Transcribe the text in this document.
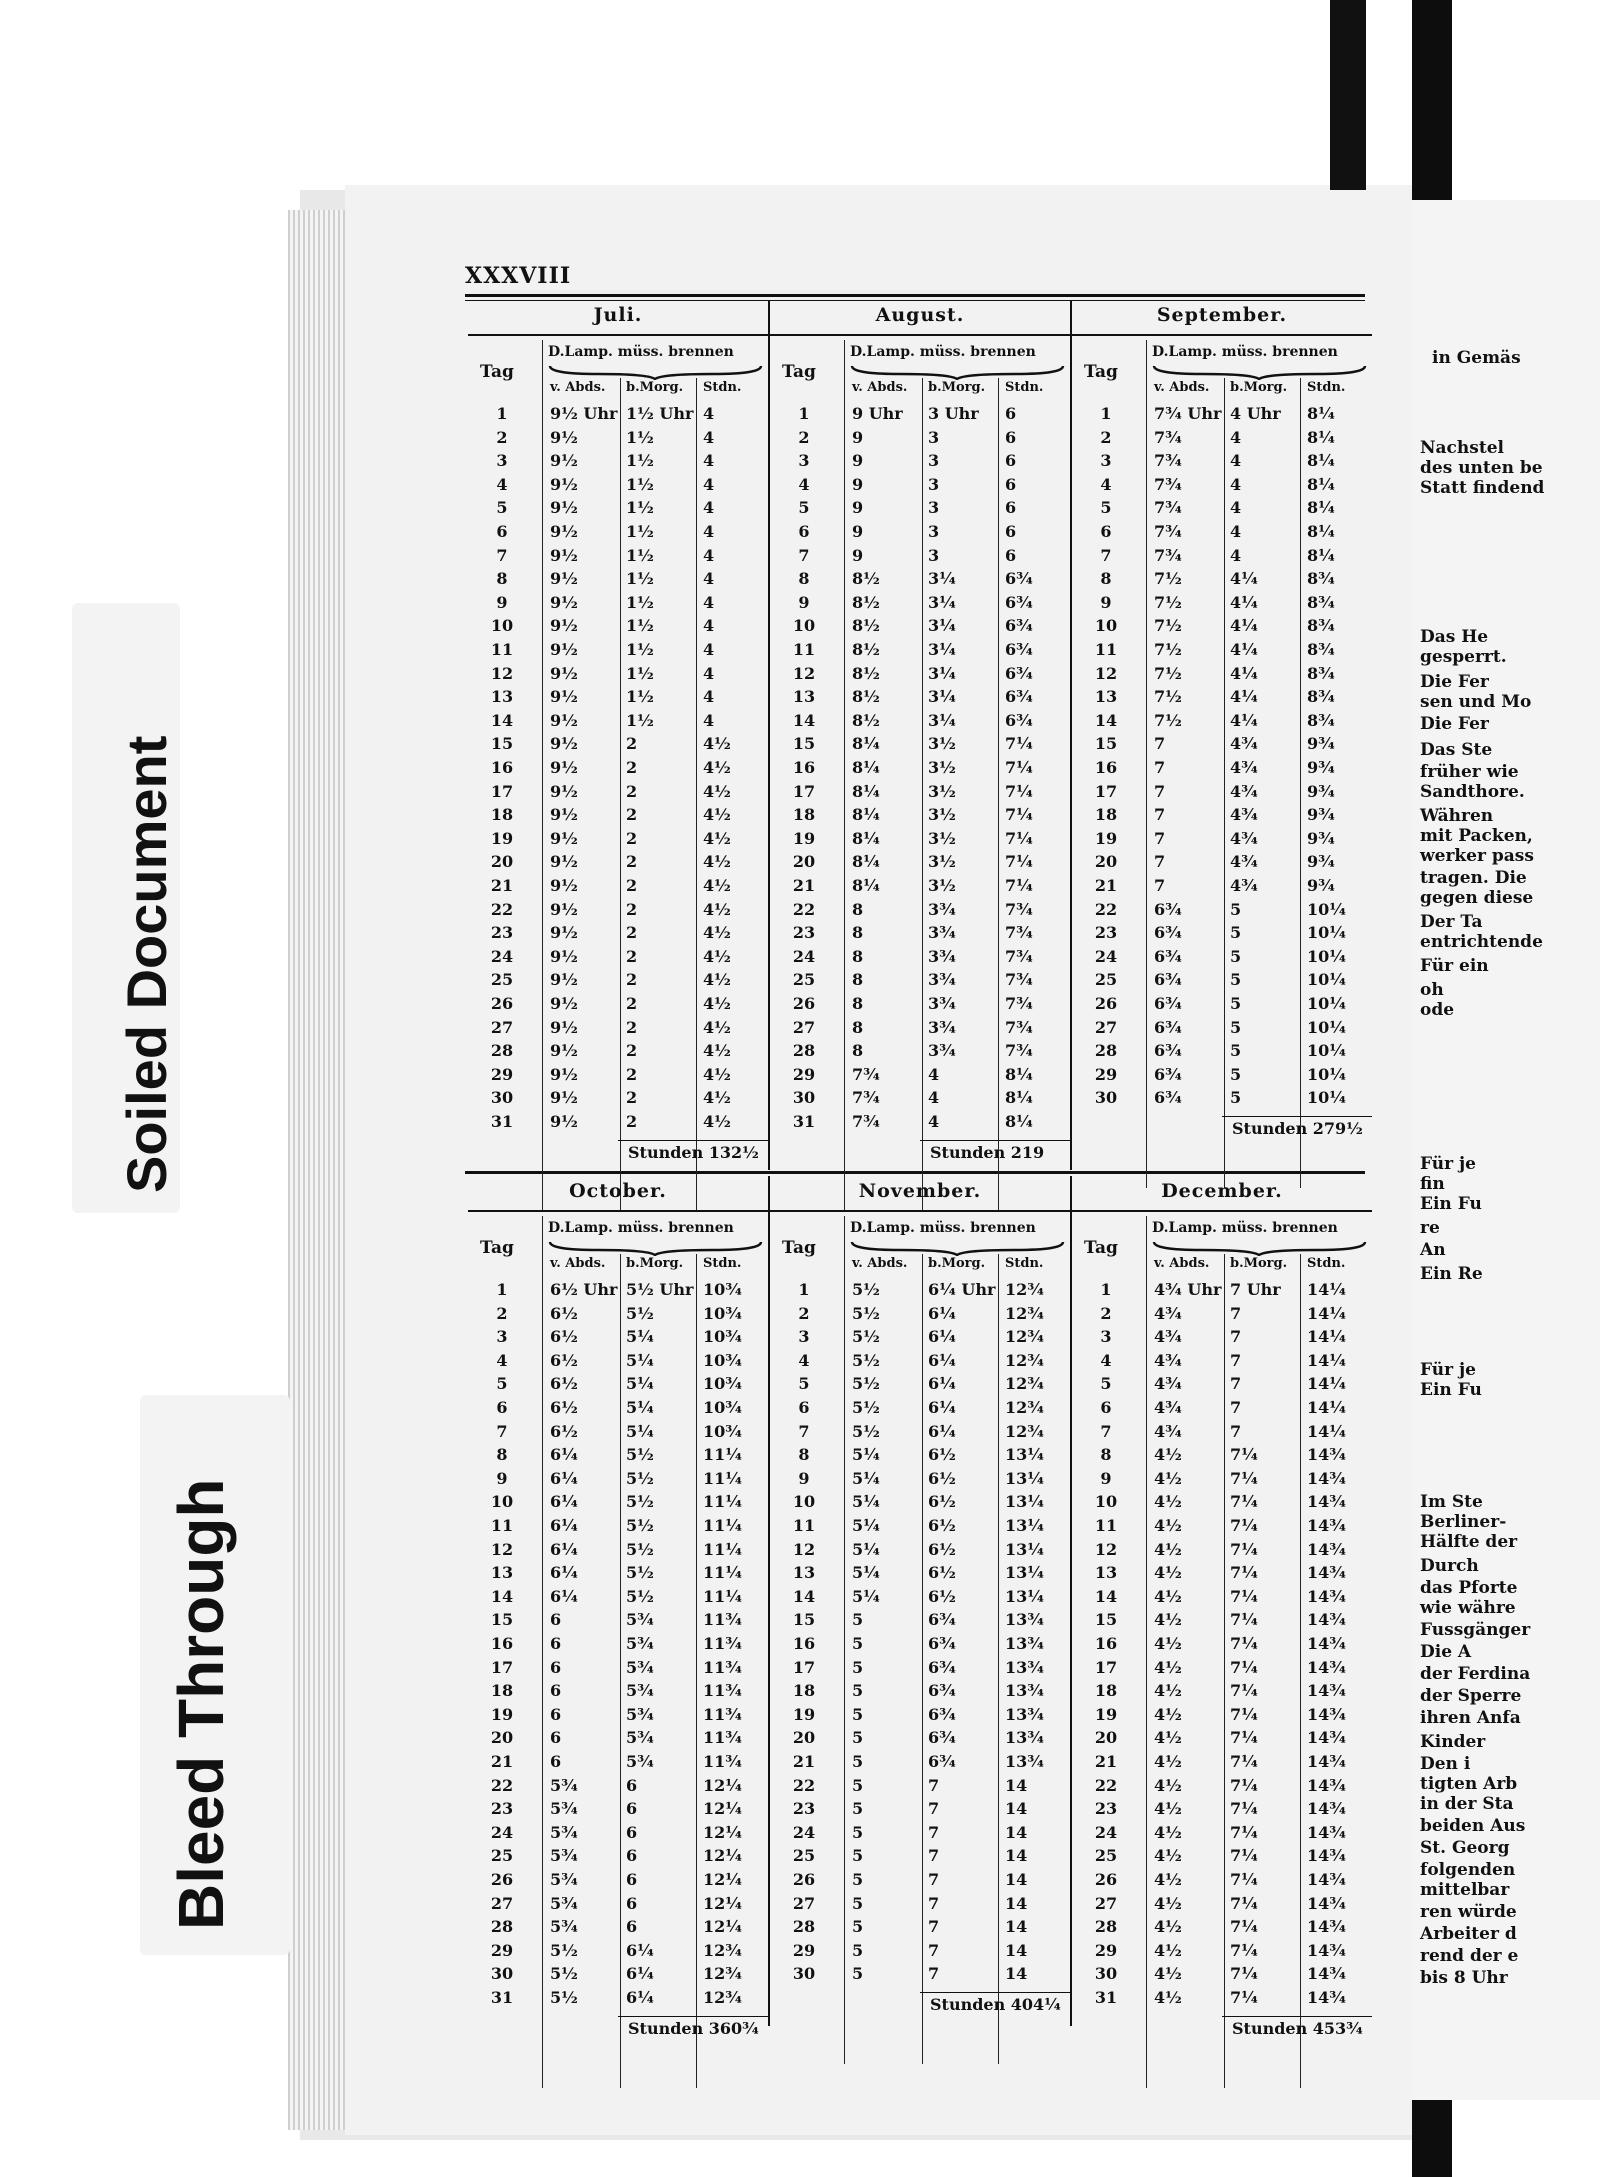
in Gemäs

Nachstel

des unten be

Statt findend

Das He

gesperrt.

Die Fer

sen und Mo

Die Fer

Das Ste

früher wie

Sandthore.

Währen

mit Packen,

werker pass

tragen. Die

gegen diese

Der Ta

entrichtende

Für ein

oh

ode

Für je

fin

Ein Fu

re

An

Ein Re

Für je

Ein Fu

Im Ste

Berliner-

Hälfte der

Durch

das Pforte

wie währe

Fussgänger

Die A

der Ferdina

der Sperre

ihren Anfa

Kinder

Den i

tigten Arb

in der Sta

beiden Aus

St. Georg

folgenden

mittelbar

ren würde

Arbeiter d

rend der e

bis 8 Uhr

Soiled Document
Bleed Through
XXXVIII
Juli.
Tag
D.Lamp. müss. brennen
v. Abds. b.Morg. Stdn.
1	9½ Uhr 1½ Uhr 4
2	9½	1½	4
3	9½	1½	4
4	9½	1½	4
5	9½	1½	4
6	9½	1½	4
7	9½	1½	4
8	9½	1½	4
9	9½	1½	4
10	9½	1½	4
11	9½	1½	4
12	9½	1½	4
13	9½	1½	4
14	9½	1½	4
15	9½	2	4½
16	9½	2	4½
17	9½	2	4½
18	9½	2	4½
19	9½	2	4½
20	9½	2	4½
21	9½	2	4½
22	9½	2	4½
23	9½	2	4½
24	9½	2	4½
25	9½	2	4½
26	9½	2	4½
27	9½	2	4½
28	9½	2	4½
29	9½	2	4½
30	9½	2	4½
31	9½	2	4½
Stunden 132½
August.
Tag
D.Lamp. müss. brennen
v. Abds. b.Morg. Stdn.
1	9 Uhr 3 Uhr 6
2	9	3	6
3	9	3	6
4	9	3	6
5	9	3	6
6	9	3	6
7	9	3	6
8	8½	3¼	6¾
9	8½	3¼	6¾
10	8½	3¼	6¾
11	8½	3¼	6¾
12	8½	3¼	6¾
13	8½	3¼	6¾
14	8½	3¼	6¾
15	8¼	3½	7¼
16	8¼	3½	7¼
17	8¼	3½	7¼
18	8¼	3½	7¼
19	8¼	3½	7¼
20	8¼	3½	7¼
21	8¼	3½	7¼
22	8	3¾	7¾
23	8	3¾	7¾
24	8	3¾	7¾
25	8	3¾	7¾
26	8	3¾	7¾
27	8	3¾	7¾
28	8	3¾	7¾
29	7¾	4	8¼
30	7¾	4	8¼
31	7¾	4	8¼
Stunden 219
September.
Tag
D.Lamp. müss. brennen
v. Abds. b.Morg. Stdn.
1	7¾ Uhr 4 Uhr 8¼
2	7¾	4	8¼
3	7¾	4	8¼
4	7¾	4	8¼
5	7¾	4	8¼
6	7¾	4	8¼
7	7¾	4	8¼
8	7½	4¼	8¾
9	7½	4¼	8¾
10	7½	4¼	8¾
11	7½	4¼	8¾
12	7½	4¼	8¾
13	7½	4¼	8¾
14	7½	4¼	8¾
15	7	4¾	9¾
16	7	4¾	9¾
17	7	4¾	9¾
18	7	4¾	9¾
19	7	4¾	9¾
20	7	4¾	9¾
21	7	4¾	9¾
22	6¾	5	10¼
23	6¾	5	10¼
24	6¾	5	10¼
25	6¾	5	10¼
26	6¾	5	10¼
27	6¾	5	10¼
28	6¾	5	10¼
29	6¾	5	10¼
30	6¾	5	10¼
Stunden 279½
October.
Tag
D.Lamp. müss. brennen
v. Abds. b.Morg. Stdn.
1	6½ Uhr 5½ Uhr 10¾
2	6½	5½	10¾
3	6½	5¼	10¾
4	6½	5¼	10¾
5	6½	5¼	10¾
6	6½	5¼	10¾
7	6½	5¼	10¾
8	6¼	5½	11¼
9	6¼	5½	11¼
10	6¼	5½	11¼
11	6¼	5½	11¼
12	6¼	5½	11¼
13	6¼	5½	11¼
14	6¼	5½	11¼
15	6	5¾	11¾
16	6	5¾	11¾
17	6	5¾	11¾
18	6	5¾	11¾
19	6	5¾	11¾
20	6	5¾	11¾
21	6	5¾	11¾
22	5¾	6	12¼
23	5¾	6	12¼
24	5¾	6	12¼
25	5¾	6	12¼
26	5¾	6	12¼
27	5¾	6	12¼
28	5¾	6	12¼
29	5½	6¼	12¾
30	5½	6¼	12¾
31	5½	6¼	12¾
Stunden 360¾
November.
Tag
D.Lamp. müss. brennen
v. Abds. b.Morg. Stdn.
1	5½	6¼ Uhr 12¾
2	5½	6¼	12¾
3	5½	6¼	12¾
4	5½	6¼	12¾
5	5½	6¼	12¾
6	5½	6¼	12¾
7	5½	6¼	12¾
8	5¼	6½	13¼
9	5¼	6½	13¼
10	5¼	6½	13¼
11	5¼	6½	13¼
12	5¼	6½	13¼
13	5¼	6½	13¼
14	5¼	6½	13¼
15	5	6¾	13¾
16	5	6¾	13¾
17	5	6¾	13¾
18	5	6¾	13¾
19	5	6¾	13¾
20	5	6¾	13¾
21	5	6¾	13¾
22	5	7	14
23	5	7	14
24	5	7	14
25	5	7	14
26	5	7	14
27	5	7	14
28	5	7	14
29	5	7	14
30	5	7	14
Stunden 404¼
December.
Tag
D.Lamp. müss. brennen
v. Abds. b.Morg. Stdn.
1	4¾ Uhr 7 Uhr 14¼
2	4¾	7	14¼
3	4¾	7	14¼
4	4¾	7	14¼
5	4¾	7	14¼
6	4¾	7	14¼
7	4¾	7	14¼
8	4½	7¼	14¾
9	4½	7¼	14¾
10	4½	7¼	14¾
11	4½	7¼	14¾
12	4½	7¼	14¾
13	4½	7¼	14¾
14	4½	7¼	14¾
15	4½	7¼	14¾
16	4½	7¼	14¾
17	4½	7¼	14¾
18	4½	7¼	14¾
19	4½	7¼	14¾
20	4½	7¼	14¾
21	4½	7¼	14¾
22	4½	7¼	14¾
23	4½	7¼	14¾
24	4½	7¼	14¾
25	4½	7¼	14¾
26	4½	7¼	14¾
27	4½	7¼	14¾
28	4½	7¼	14¾
29	4½	7¼	14¾
30	4½	7¼	14¾
31	4½	7¼	14¾
Stunden 453¾
